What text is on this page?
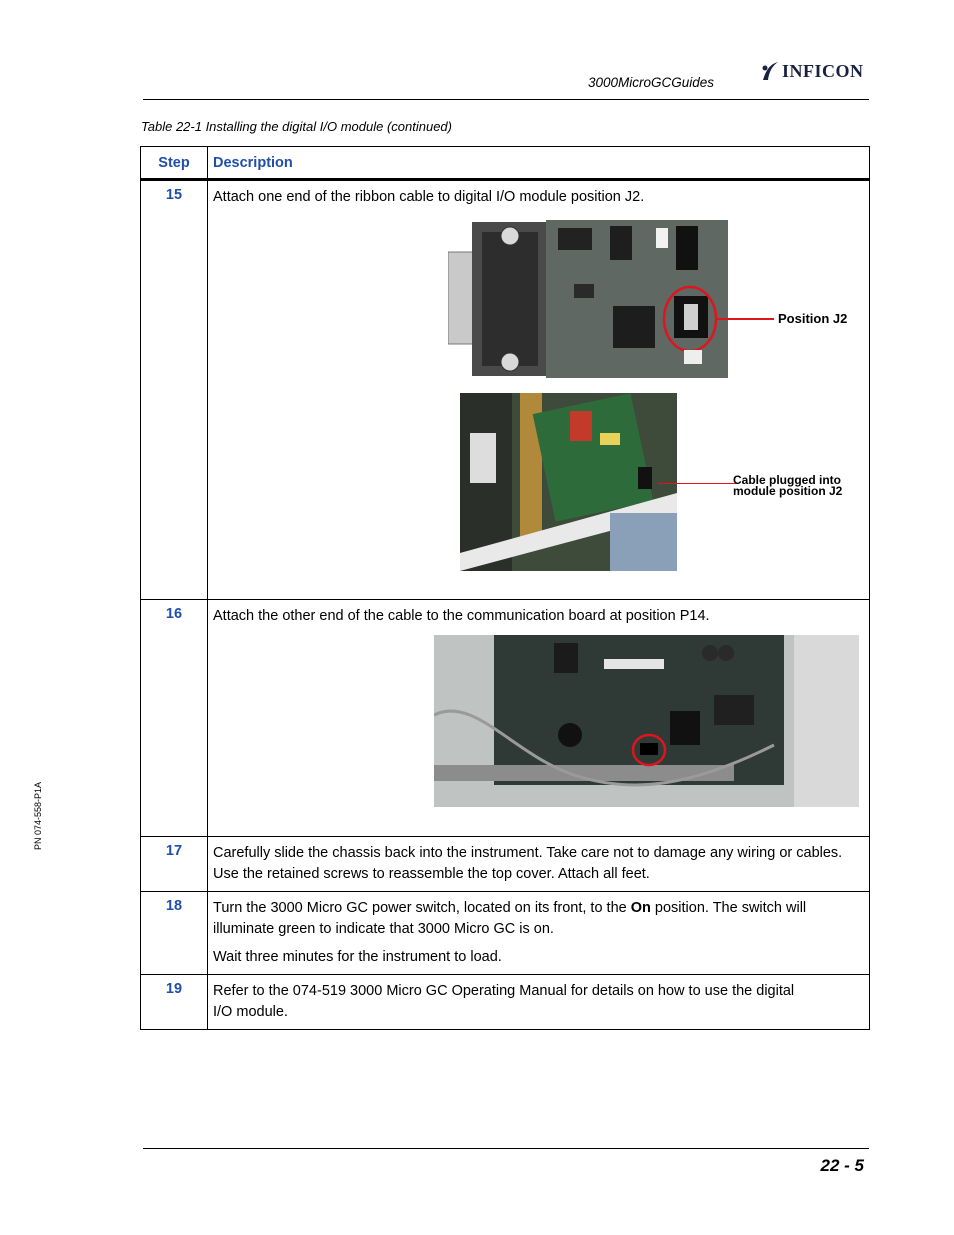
3000MicroGCGuides
INFICON
Table 22-1 Installing the digital I/O module (continued)
Step	Description
15	Attach one end of the ribbon cable to digital I/O module position J2.

Position J2
Cable plugged into
module position J2

16	Attach the other end of the cable to the communication board at position P14.

17	Carefully slide the chassis back into the instrument. Take care not to damage any wiring or cables. Use the retained screws to reassemble the top cover. Attach all feet.

18	Turn the 3000 Micro GC power switch, located on its front, to the On position. The switch will illuminate green to indicate that 3000 Micro GC is on.

Wait three minutes for the instrument to load.

19	Refer to the 074-519 3000 Micro GC Operating Manual for details on how to use the digital I/O module.

PN 074-558-P1A
22 - 5
